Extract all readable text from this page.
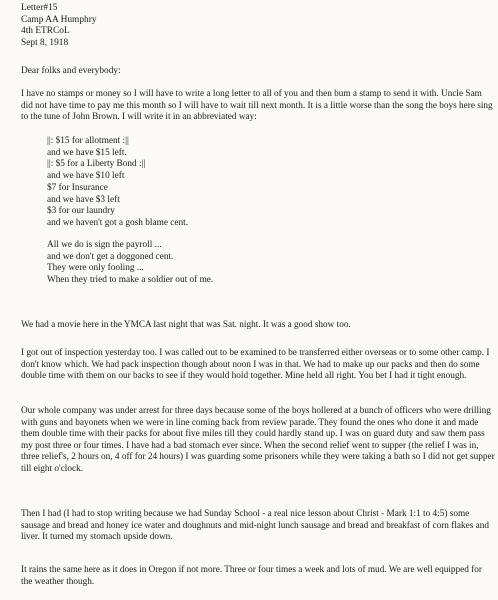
Letter#15
Camp AA Humphry
4th ETRCoL
Sept 8, 1918
Dear folks and everybody:

I have no stamps or money so I will have to write a long letter to all of you and then bum a stamp to send it with. Uncle Sam did not have time to pay me this month so I will have to wait till next month. It is a little worse than the song the boys here sing to the tune of John Brown. I will write it in an abbreviated way:

||: $15 for allotment :||
and we have $15 left.
||: $5 for a Liberty Bond :||
and we have $10 left
$7 for Insurance
and we have $3 left
$3 for our laundry
and we haven't got a gosh blame cent.
All we do is sign the payroll ...
and we don't get a doggoned cent.
They were only fooling ...
When they tried to make a soldier out of me.

We had a movie here in the YMCA last night that was Sat. night. It was a good show too.

I got out of inspection yesterday too. I was called out to be examined to be transferred either overseas or to some other camp. I don't know which. We had pack inspection though about noon I was in that. We had to make up our packs and then do some double time with them on our backs to see if they would hold together. Mine held all right. You bet I had it tight enough.

Our whole company was under arrest for three days because some of the boys hollered at a bunch of officers who were drilling with guns and bayonets when we were in line coming back from review parade. They found the ones who done it and made them double time with their packs for about five miles till they could hardly stand up. I was on guard duty and saw them pass my post three or four times. I have had a bad stomach ever since. When the second relief went to supper (the relief I was in, three relief's, 2 hours on, 4 off for 24 hours) I was guarding some prisoners while they were taking a bath so I did not get supper till eight o'clock.

Then I had (I had to stop writing because we had Sunday School - a real nice lesson about Christ - Mark 1:1 to 4:5) some sausage and bread and honey ice water and doughnuts and mid-night lunch sausage and bread and breakfast of corn flakes and liver. It turned my stomach upside down.

It rains the same here as it does in Oregon if not more. Three or four times a week and lots of mud. We are well equipped for the weather though.
